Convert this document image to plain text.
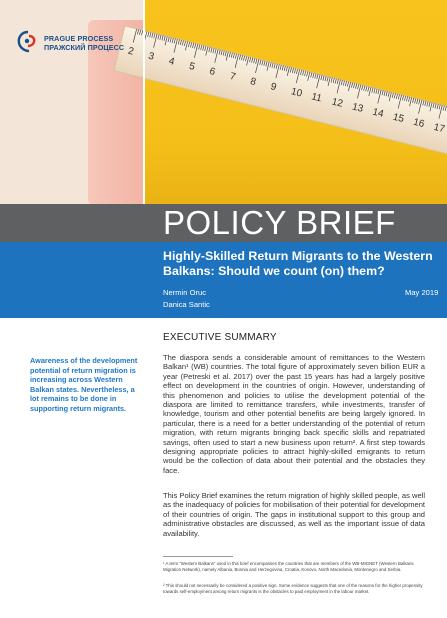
2 3 4 5 6 7 8 9 10 11 12 13 14 15 16 17
PRAGUE PROCESS
ПРАЖСКИЙ ПРОЦЕСС
POLICY BRIEF
Highly-Skilled Return Migrants to the Western Balkans: Should we count (on) them?
Nermin Oruc
Danica Santic
May 2019
Awareness of the development potential of return migration is increasing across Western Balkan states. Nevertheless, a lot remains to be done in supporting return migrants.
EXECUTIVE SUMMARY
The diaspora sends a considerable amount of remittances to the Western Balkan¹ (WB) countries. The total figure of approximately seven billion EUR a year (Petreski et al. 2017) over the past 15 years has had a largely positive effect on development in the countries of origin. However, understanding of this phenomenon and policies to utilise the development potential of the diaspora are limited to remittance transfers, while investments, transfer of knowledge, tourism and other potential benefits are being largely ignored. In particular, there is a need for a better understanding of the potential of return migration, with return migrants bringing back specific skills and repatriated savings, often used to start a new business upon return². A first step towards designing appropriate policies to attract highly-skilled emigrants to return would be the collection of data about their potential and the obstacles they face.
This Policy Brief examines the return migration of highly skilled people, as well as the inadequacy of policies for mobilisation of their potential for development of their countries of origin. The gaps in institutional support to this group and administrative obstacles are discussed, as well as the important issue of data availability.
¹ A term “Western Balkans” used in this brief encompasses the countries that are members of the WB-MIGNET (Western Balkans Migration Network), namely Albania, Bosnia and Herzegovina, Croatia, Kosovo, North Macedonia, Montenegro and Serbia.
² This should not necessarily be considered a positive sign. Some evidence suggests that one of the reasons for the higher propensity towards self-employment among return migrants is the obstacles to paid employment in the labour market.
